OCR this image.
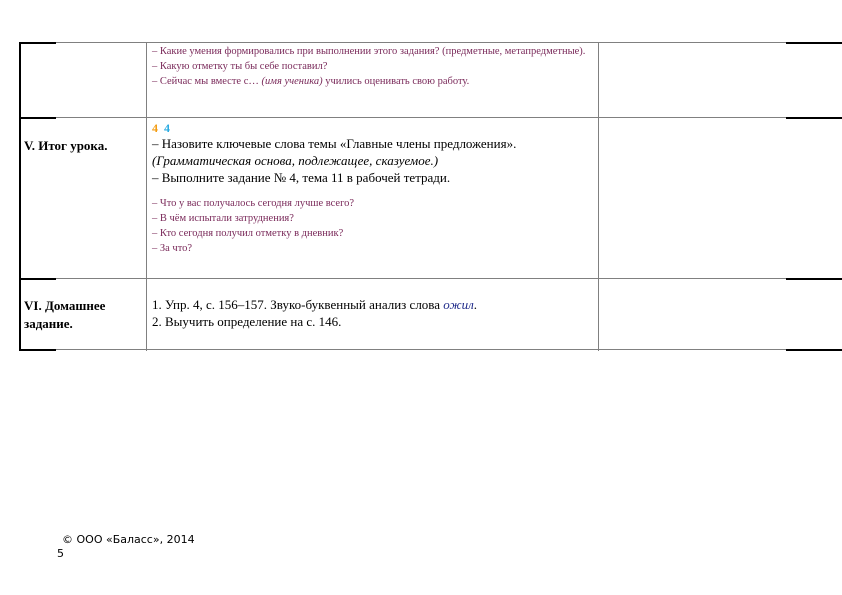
– Какие умения формировались при выполнении этого задания? (предметные, метапредметные).
– Какую отметку ты бы себе поставил?
– Сейчас мы вместе с… (имя ученика) учились оценивать свою работу.
V. Итог урока.
4 4
– Назовите ключевые слова темы «Главные члены предложения».
(Грамматическая основа, подлежащее, сказуемое.)
– Выполните задание № 4, тема 11 в рабочей тетради.
– Что у вас получалось сегодня лучше всего?
– В чём испытали затруднения?
– Кто сегодня получил отметку в дневник?
– За что?
VI. Домашнее
задание.
1. Упр. 4, с. 156–157. Звуко-буквенный анализ слова ожил.
2. Выучить определение на с. 146.
© ООО «Баласс», 2014
5
